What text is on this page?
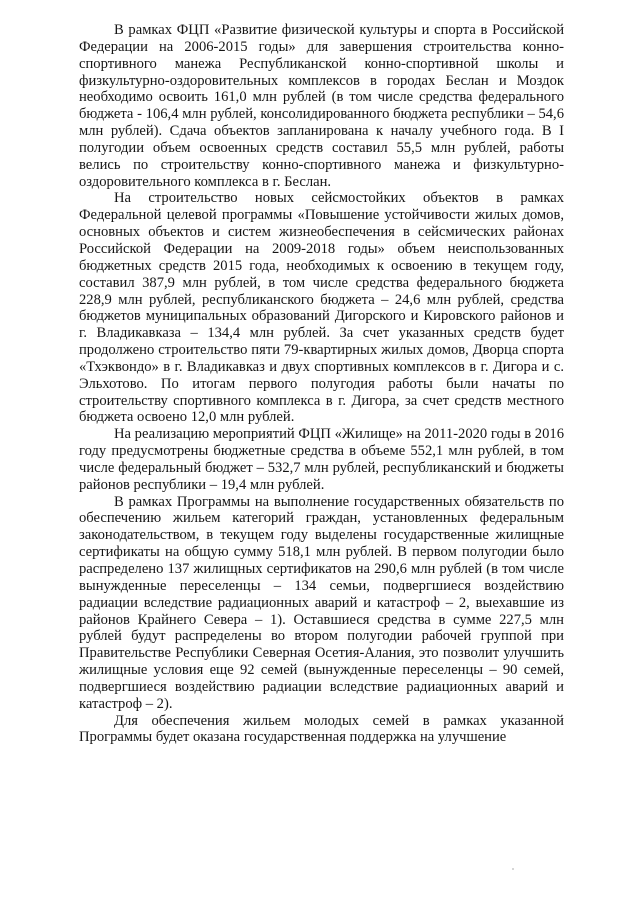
В рамках ФЦП «Развитие физической культуры и спорта в Российской Федерации на 2006-2015 годы» для завершения строительства конно-спортивного манежа Республиканской конно-спортивной школы и физкультурно-оздоровительных комплексов в городах Беслан и Моздок необходимо освоить 161,0 млн рублей (в том числе средства федерального бюджета - 106,4 млн рублей, консолидированного бюджета республики – 54,6 млн рублей). Сдача объектов запланирована к началу учебного года. В I полугодии объем освоенных средств составил 55,5 млн рублей, работы велись по строительству конно-спортивного манежа и физкультурно-оздоровительного комплекса в г. Беслан.

На строительство новых сейсмостойких объектов в рамках Федеральной целевой программы «Повышение устойчивости жилых домов, основных объектов и систем жизнеобеспечения в сейсмических районах Российской Федерации на 2009-2018 годы» объем неиспользованных бюджетных средств 2015 года, необходимых к освоению в текущем году, составил 387,9 млн рублей, в том числе средства федерального бюджета 228,9 млн рублей, республиканского бюджета – 24,6 млн рублей, средства бюджетов муниципальных образований Дигорского и Кировского районов и г. Владикавказа – 134,4 млн рублей. За счет указанных средств будет продолжено строительство пяти 79-квартирных жилых домов, Дворца спорта «Тхэквондо» в г. Владикавказ и двух спортивных комплексов в г. Дигора и с. Эльхотово. По итогам первого полугодия работы были начаты по строительству спортивного комплекса в г. Дигора, за счет средств местного бюджета освоено 12,0 млн рублей.

На реализацию мероприятий ФЦП «Жилище» на 2011-2020 годы в 2016 году предусмотрены бюджетные средства в объеме 552,1 млн рублей, в том числе федеральный бюджет – 532,7 млн рублей, республиканский и бюджеты районов республики – 19,4 млн рублей.

В рамках Программы на выполнение государственных обязательств по обеспечению жильем категорий граждан, установленных федеральным законодательством, в текущем году выделены государственные жилищные сертификаты на общую сумму 518,1 млн рублей. В первом полугодии было распределено 137 жилищных сертификатов на 290,6 млн рублей (в том числе вынужденные переселенцы – 134 семьи, подвергшиеся воздействию радиации вследствие радиационных аварий и катастроф – 2, выехавшие из районов Крайнего Севера – 1). Оставшиеся средства в сумме 227,5 млн рублей будут распределены во втором полугодии рабочей группой при Правительстве Республики Северная Осетия-Алания, это позволит улучшить жилищные условия еще 92 семей (вынужденные переселенцы – 90 семей, подвергшиеся воздействию радиации вследствие радиационных аварий и катастроф – 2).

Для обеспечения жильем молодых семей в рамках указанной Программы будет оказана государственная поддержка на улучшение
